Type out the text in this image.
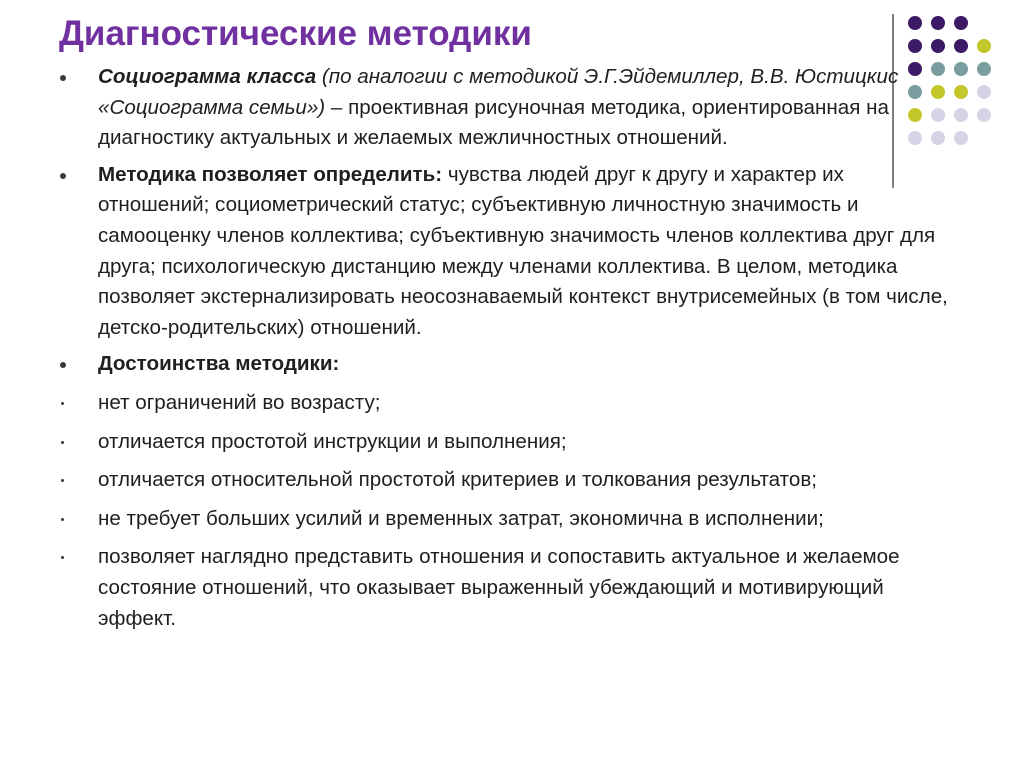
Диагностические методики
Социограмма класса (по аналогии с методикой Э.Г.Эйдемиллер, В.В. Юстицкис «Социограмма семьи») – проективная рисуночная методика, ориентированная на диагностику актуальных и желаемых межличностных отношений.
Методика позволяет определить: чувства людей друг к другу и характер их отношений; социометрический статус; субъективную личностную значимость и самооценку членов коллектива; субъективную значимость членов коллектива друг для друга; психологическую дистанцию между членами коллектива. В целом, методика позволяет экстернализировать неосознаваемый контекст внутрисемейных (в том числе, детско-родительских) отношений.
Достоинства методики:
нет ограничений во возрасту;
отличается простотой инструкции и выполнения;
отличается относительной простотой критериев и толкования результатов;
не требует больших усилий и временных затрат, экономична в исполнении;
позволяет наглядно представить отношения и сопоставить актуальное и желаемое состояние отношений, что оказывает выраженный убеждающий и мотивирующий эффект.
